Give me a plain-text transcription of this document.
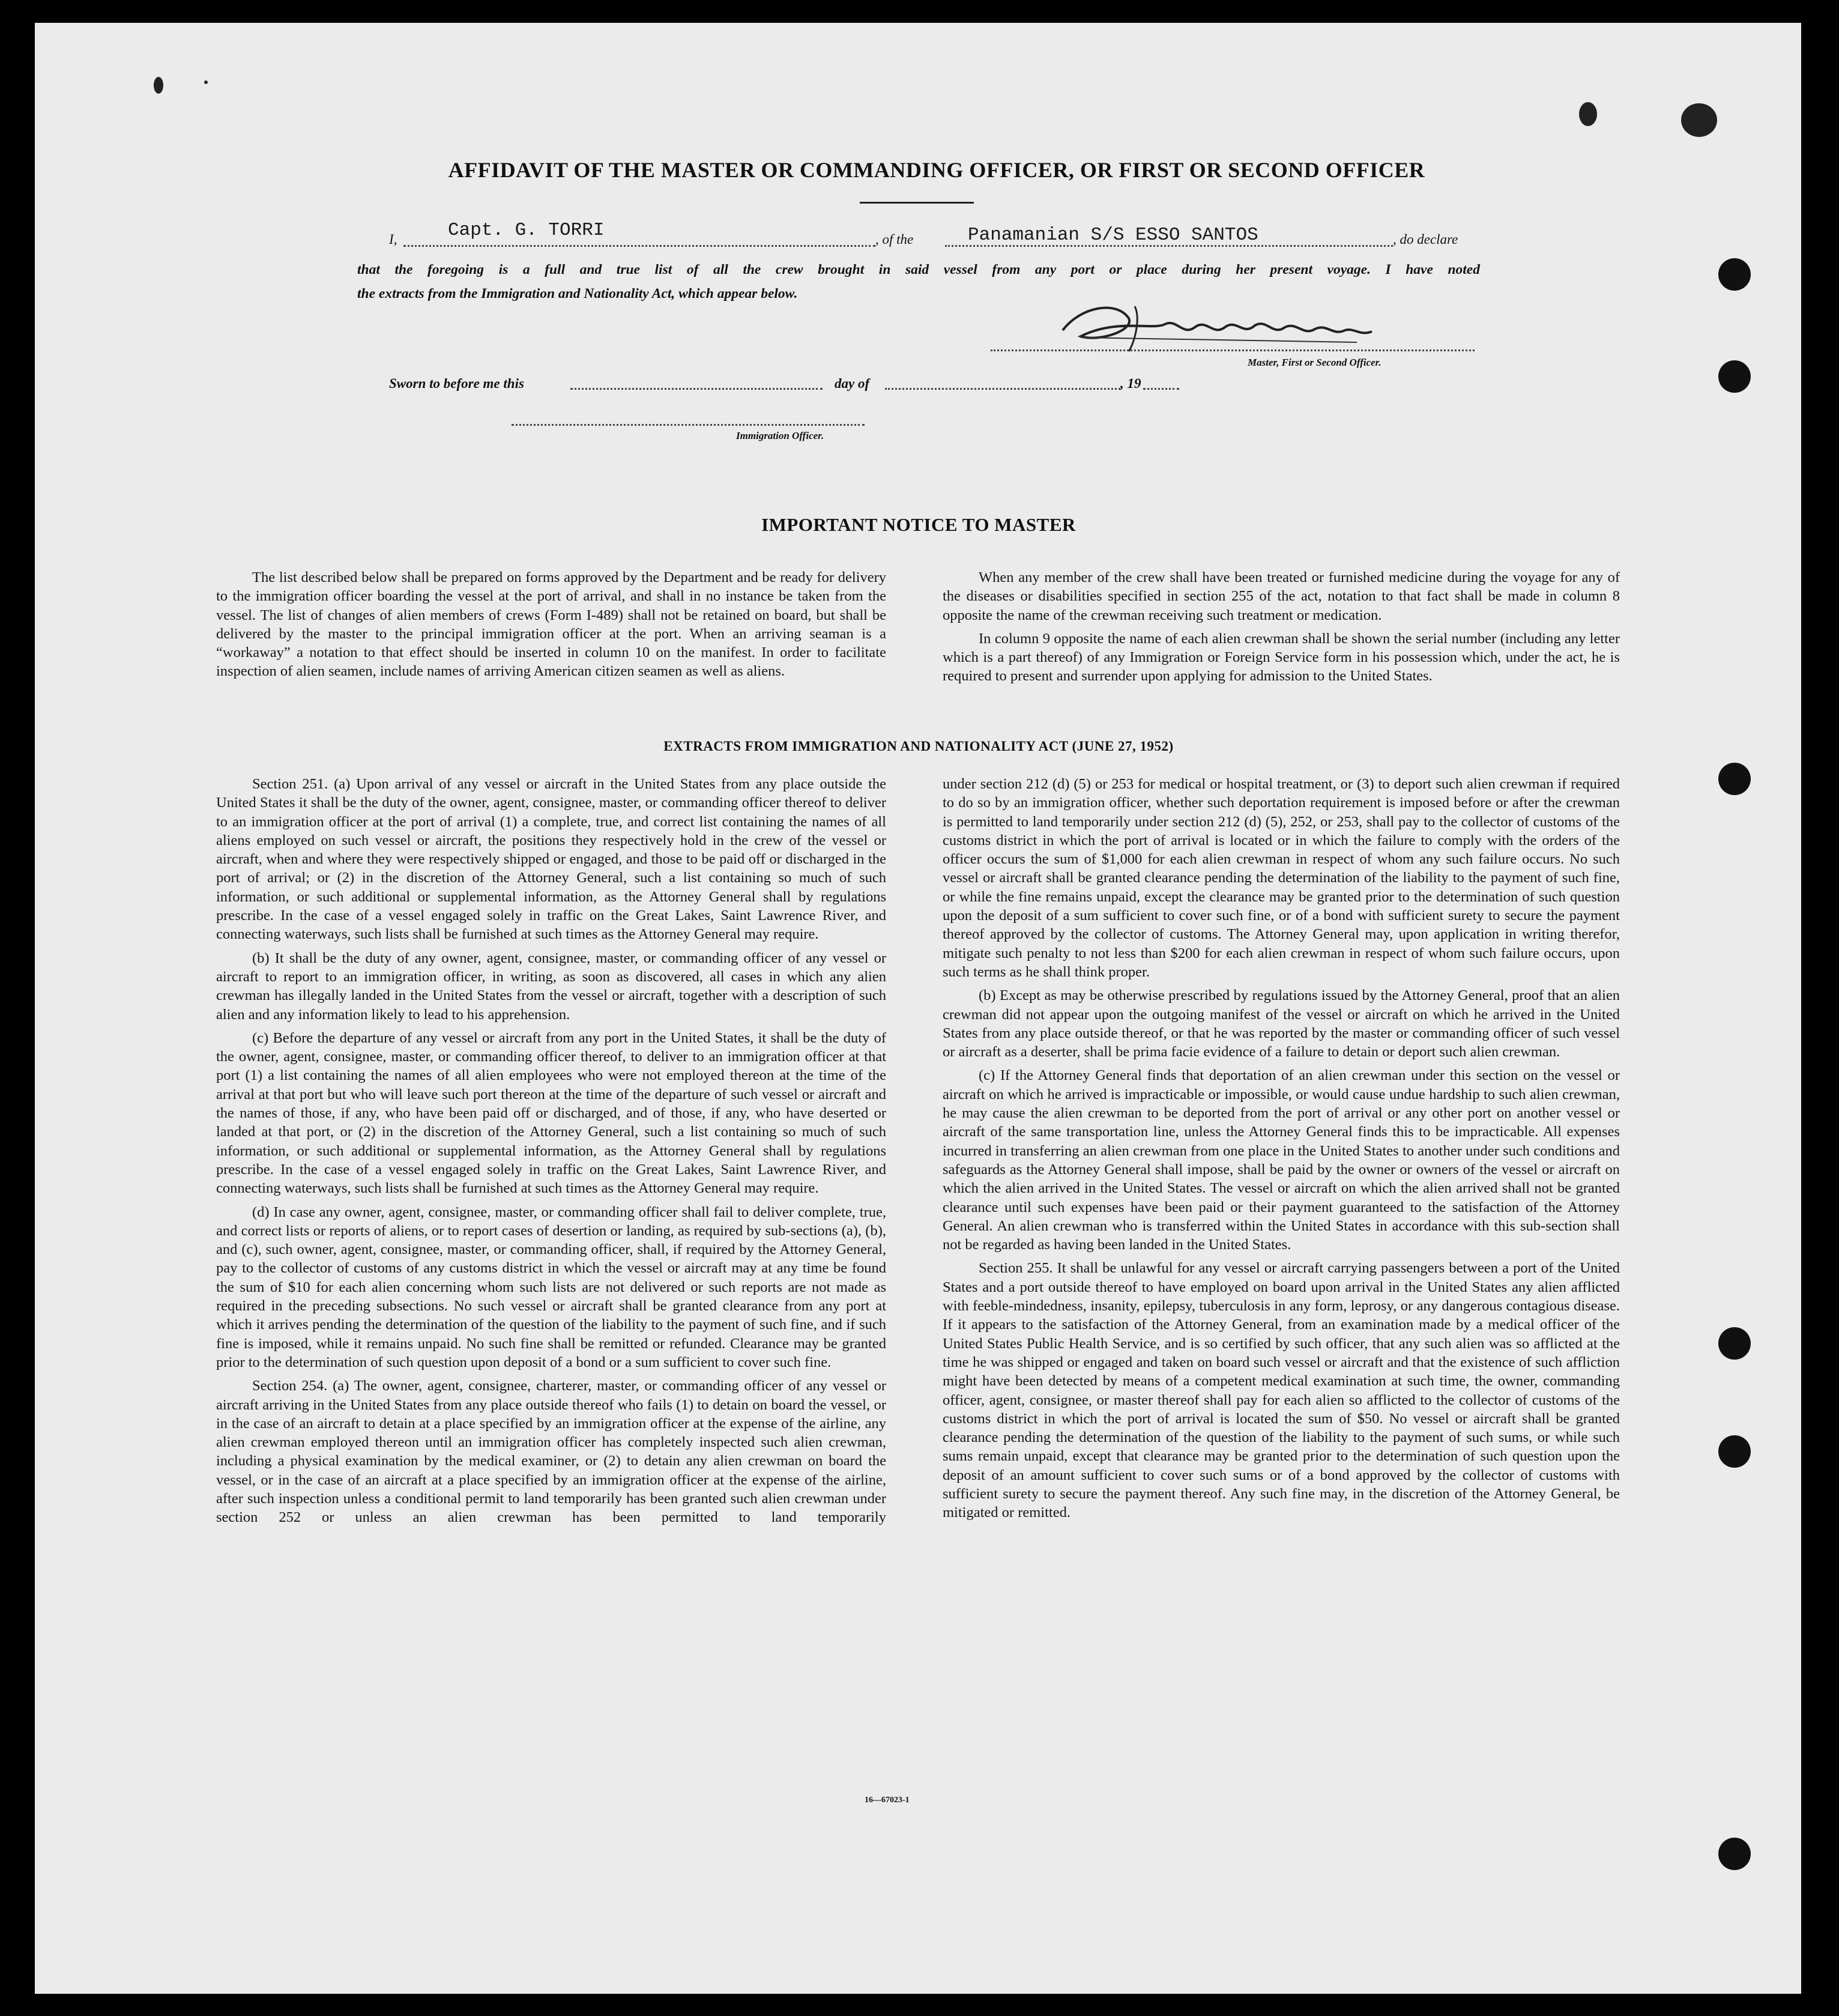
AFFIDAVIT OF THE MASTER OR COMMANDING OFFICER, OR FIRST OR SECOND OFFICER
I,	Capt. G. TORRI	, of the	Panamanian S/S ESSO SANTOS	, do declare
that the foregoing is a full and true list of all the crew brought in said vessel from any port or place during her present voyage. I have noted
the extracts from the Immigration and Nationality Act, which appear below.
Master, First or Second Officer.
Sworn to before me this	day of	, 19
Immigration Officer.
IMPORTANT NOTICE TO MASTER

The list described below shall be prepared on forms approved by the Department and be ready for delivery to the immigration officer boarding the vessel at the port of arrival, and shall in no instance be taken from the vessel. The list of changes of alien members of crews (Form I-489) shall not be retained on board, but shall be delivered by the master to the principal immigration officer at the port. When an arriving seaman is a “workaway” a notation to that effect should be inserted in column 10 on the manifest. In order to facilitate inspection of alien seamen, include names of arriving American citizen seamen as well as aliens.

When any member of the crew shall have been treated or furnished medicine during the voyage for any of the diseases or disabilities specified in section 255 of the act, notation to that fact shall be made in column 8 opposite the name of the crewman receiving such treatment or medication.

In column 9 opposite the name of each alien crewman shall be shown the serial number (including any letter which is a part thereof) of any Immigration or Foreign Service form in his possession which, under the act, he is required to present and surrender upon applying for admission to the United States.

EXTRACTS FROM IMMIGRATION AND NATIONALITY ACT (JUNE 27, 1952)

Section 251. (a) Upon arrival of any vessel or aircraft in the United States from any place outside the United States it shall be the duty of the owner, agent, consignee, master, or commanding officer thereof to deliver to an immigration officer at the port of arrival (1) a complete, true, and correct list containing the names of all aliens employed on such vessel or aircraft, the positions they respectively hold in the crew of the vessel or aircraft, when and where they were respectively shipped or engaged, and those to be paid off or discharged in the port of arrival; or (2) in the discretion of the Attorney General, such a list containing so much of such information, or such additional or supplemental information, as the Attorney General shall by regulations prescribe. In the case of a vessel engaged solely in traffic on the Great Lakes, Saint Lawrence River, and connecting waterways, such lists shall be furnished at such times as the Attorney General may require.

(b) It shall be the duty of any owner, agent, consignee, master, or commanding officer of any vessel or aircraft to report to an immigration officer, in writing, as soon as discovered, all cases in which any alien crewman has illegally landed in the United States from the vessel or aircraft, together with a description of such alien and any information likely to lead to his apprehension.

(c) Before the departure of any vessel or aircraft from any port in the United States, it shall be the duty of the owner, agent, consignee, master, or commanding officer thereof, to deliver to an immigration officer at that port (1) a list containing the names of all alien employees who were not employed thereon at the time of the arrival at that port but who will leave such port thereon at the time of the departure of such vessel or aircraft and the names of those, if any, who have been paid off or discharged, and of those, if any, who have deserted or landed at that port, or (2) in the discretion of the Attorney General, such a list containing so much of such information, or such additional or supplemental information, as the Attorney General shall by regulations prescribe. In the case of a vessel engaged solely in traffic on the Great Lakes, Saint Lawrence River, and connecting waterways, such lists shall be furnished at such times as the Attorney General may require.

(d) In case any owner, agent, consignee, master, or commanding officer shall fail to deliver complete, true, and correct lists or reports of aliens, or to report cases of desertion or landing, as required by sub-sections (a), (b), and (c), such owner, agent, consignee, master, or commanding officer, shall, if required by the Attorney General, pay to the collector of customs of any customs district in which the vessel or aircraft may at any time be found the sum of $10 for each alien concerning whom such lists are not delivered or such reports are not made as required in the preceding subsections. No such vessel or aircraft shall be granted clearance from any port at which it arrives pending the determination of the question of the liability to the payment of such fine, and if such fine is imposed, while it remains unpaid. No such fine shall be remitted or refunded. Clearance may be granted prior to the determination of such question upon deposit of a bond or a sum sufficient to cover such fine.

Section 254. (a) The owner, agent, consignee, charterer, master, or commanding officer of any vessel or aircraft arriving in the United States from any place outside thereof who fails (1) to detain on board the vessel, or in the case of an aircraft to detain at a place specified by an immigration officer at the expense of the airline, any alien crewman employed thereon until an immigration officer has completely inspected such alien crewman, including a physical examination by the medical examiner, or (2) to detain any alien crewman on board the vessel, or in the case of an aircraft at a place specified by an immigration officer at the expense of the airline, after such inspection unless a conditional permit to land temporarily has been granted such alien crewman under section 252 or unless an alien crewman has been permitted to land temporarily

under section 212 (d) (5) or 253 for medical or hospital treatment, or (3) to deport such alien crewman if required to do so by an immigration officer, whether such deportation requirement is imposed before or after the crewman is permitted to land temporarily under section 212 (d) (5), 252, or 253, shall pay to the collector of customs of the customs district in which the port of arrival is located or in which the failure to comply with the orders of the officer occurs the sum of $1,000 for each alien crewman in respect of whom any such failure occurs. No such vessel or aircraft shall be granted clearance pending the determination of the liability to the payment of such fine, or while the fine remains unpaid, except the clearance may be granted prior to the determination of such question upon the deposit of a sum sufficient to cover such fine, or of a bond with sufficient surety to secure the payment thereof approved by the collector of customs. The Attorney General may, upon application in writing therefor, mitigate such penalty to not less than $200 for each alien crewman in respect of whom such failure occurs, upon such terms as he shall think proper.

(b) Except as may be otherwise prescribed by regulations issued by the Attorney General, proof that an alien crewman did not appear upon the outgoing manifest of the vessel or aircraft on which he arrived in the United States from any place outside thereof, or that he was reported by the master or commanding officer of such vessel or aircraft as a deserter, shall be prima facie evidence of a failure to detain or deport such alien crewman.

(c) If the Attorney General finds that deportation of an alien crewman under this section on the vessel or aircraft on which he arrived is impracticable or impossible, or would cause undue hardship to such alien crewman, he may cause the alien crewman to be deported from the port of arrival or any other port on another vessel or aircraft of the same transportation line, unless the Attorney General finds this to be impracticable. All expenses incurred in transferring an alien crewman from one place in the United States to another under such conditions and safeguards as the Attorney General shall impose, shall be paid by the owner or owners of the vessel or aircraft on which the alien arrived in the United States. The vessel or aircraft on which the alien arrived shall not be granted clearance until such expenses have been paid or their payment guaranteed to the satisfaction of the Attorney General. An alien crewman who is transferred within the United States in accordance with this sub-section shall not be regarded as having been landed in the United States.

Section 255. It shall be unlawful for any vessel or aircraft carrying passengers between a port of the United States and a port outside thereof to have employed on board upon arrival in the United States any alien afflicted with feeble-mindedness, insanity, epilepsy, tuberculosis in any form, leprosy, or any dangerous contagious disease. If it appears to the satisfaction of the Attorney General, from an examination made by a medical officer of the United States Public Health Service, and is so certified by such officer, that any such alien was so afflicted at the time he was shipped or engaged and taken on board such vessel or aircraft and that the existence of such affliction might have been detected by means of a competent medical examination at such time, the owner, commanding officer, agent, consignee, or master thereof shall pay for each alien so afflicted to the collector of customs of the customs district in which the port of arrival is located the sum of $50. No vessel or aircraft shall be granted clearance pending the determination of the question of the liability to the payment of such sums, or while such sums remain unpaid, except that clearance may be granted prior to the determination of such question upon the deposit of an amount sufficient to cover such sums or of a bond approved by the collector of customs with sufficient surety to secure the payment thereof. Any such fine may, in the discretion of the Attorney General, be mitigated or remitted.

16—67023-1
